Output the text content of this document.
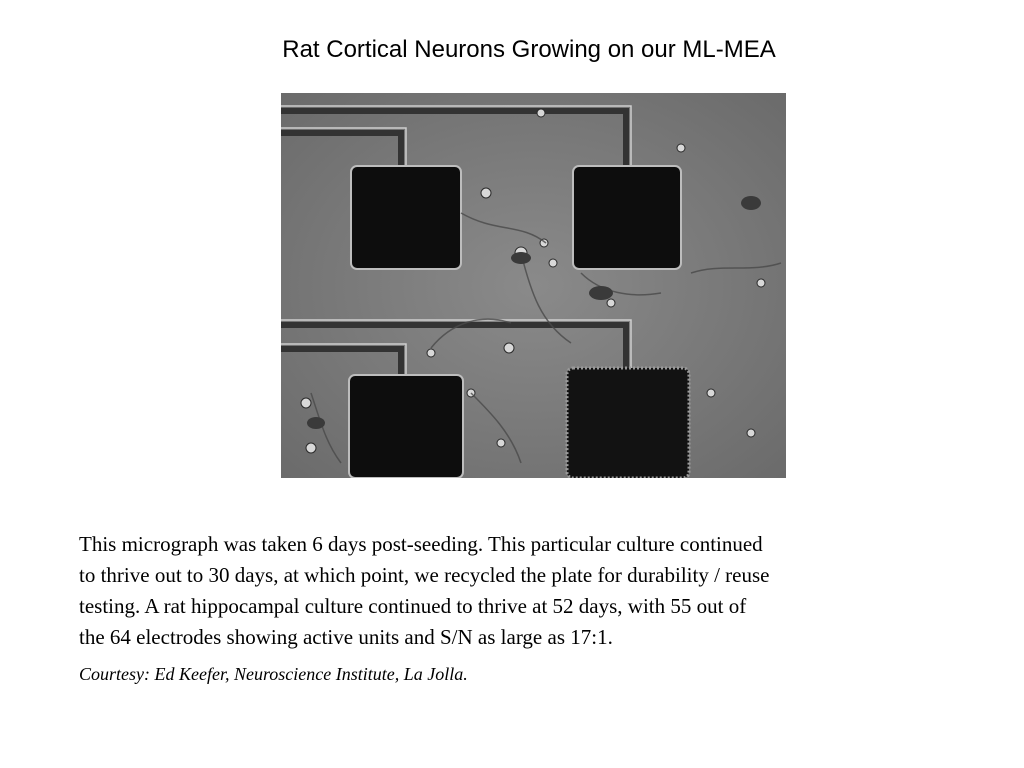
Rat Cortical Neurons Growing on our ML-MEA
This micrograph was taken 6 days post-seeding. This particular culture continued
to thrive out to 30 days, at which point, we recycled the plate for durability / reuse
testing. A rat hippocampal culture continued to thrive at 52 days, with 55 out of
the 64 electrodes showing active units and S/N as large as 17:1.
Courtesy: Ed Keefer, Neuroscience Institute, La Jolla.
